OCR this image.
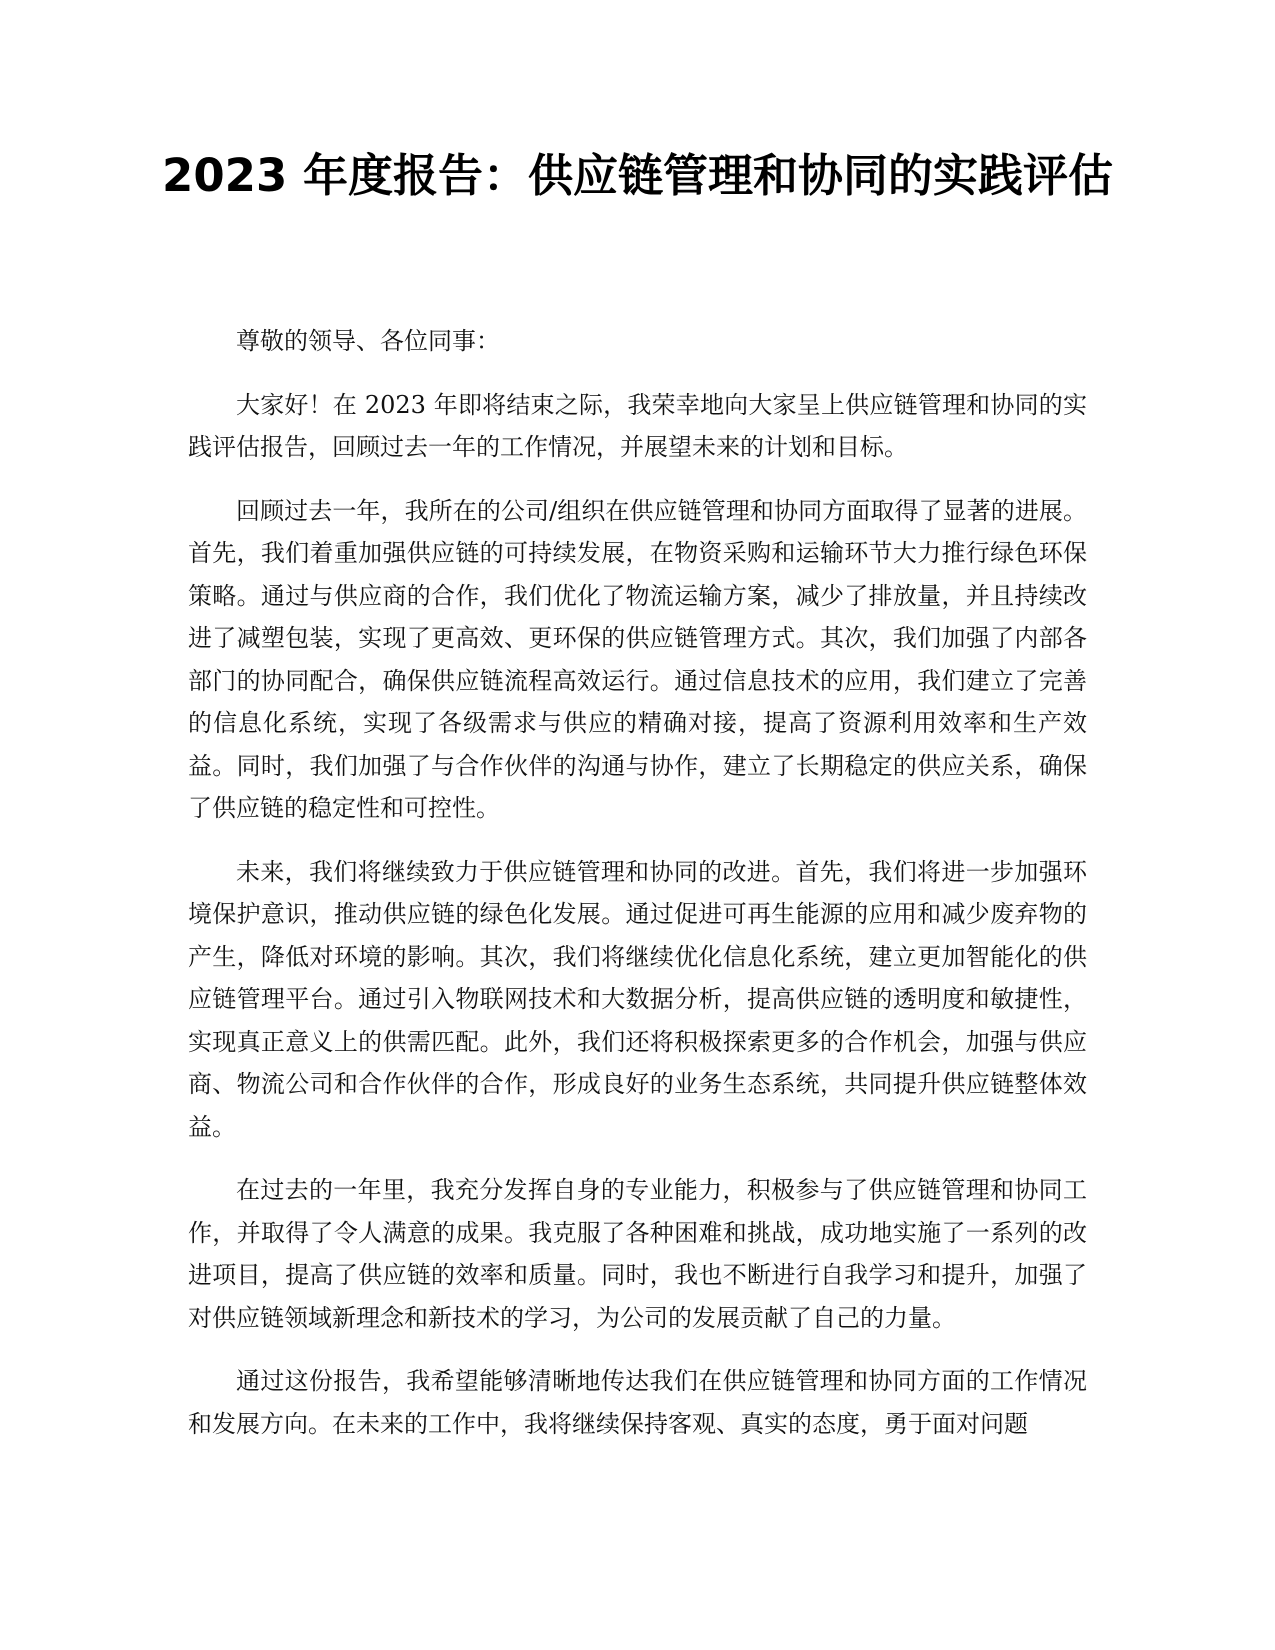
2023 年度报告：供应链管理和协同的实践评估

尊敬的领导、各位同事：

大家好！在 2023 年即将结束之际，我荣幸地向大家呈上供应链管理和协同的实践评估报告，回顾过去一年的工作情况，并展望未来的计划和目标。

回顾过去一年，我所在的公司/组织在供应链管理和协同方面取得了显著的进展。首先，我们着重加强供应链的可持续发展，在物资采购和运输环节大力推行绿色环保策略。通过与供应商的合作，我们优化了物流运输方案，减少了排放量，并且持续改进了减塑包装，实现了更高效、更环保的供应链管理方式。其次，我们加强了内部各部门的协同配合，确保供应链流程高效运行。通过信息技术的应用，我们建立了完善的信息化系统，实现了各级需求与供应的精确对接，提高了资源利用效率和生产效益。同时，我们加强了与合作伙伴的沟通与协作，建立了长期稳定的供应关系，确保了供应链的稳定性和可控性。

未来，我们将继续致力于供应链管理和协同的改进。首先，我们将进一步加强环境保护意识，推动供应链的绿色化发展。通过促进可再生能源的应用和减少废弃物的产生，降低对环境的影响。其次，我们将继续优化信息化系统，建立更加智能化的供应链管理平台。通过引入物联网技术和大数据分析，提高供应链的透明度和敏捷性，实现真正意义上的供需匹配。此外，我们还将积极探索更多的合作机会，加强与供应商、物流公司和合作伙伴的合作，形成良好的业务生态系统，共同提升供应链整体效益。

在过去的一年里，我充分发挥自身的专业能力，积极参与了供应链管理和协同工作，并取得了令人满意的成果。我克服了各种困难和挑战，成功地实施了一系列的改进项目，提高了供应链的效率和质量。同时，我也不断进行自我学习和提升，加强了对供应链领域新理念和新技术的学习，为公司的发展贡献了自己的力量。

通过这份报告，我希望能够清晰地传达我们在供应链管理和协同方面的工作情况和发展方向。在未来的工作中，我将继续保持客观、真实的态度，勇于面对问题
